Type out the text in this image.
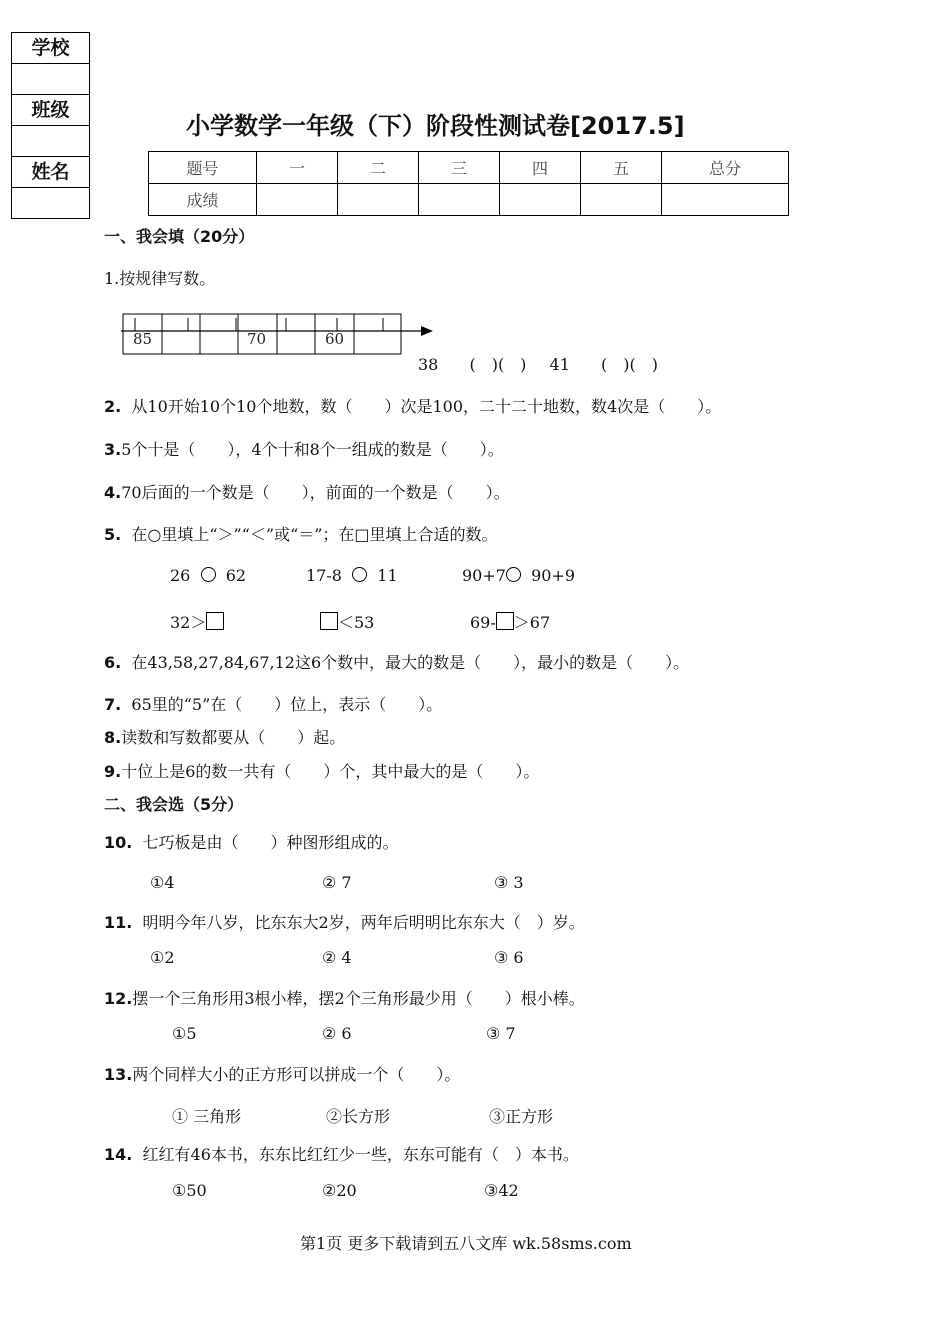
学校
班级
姓名
小学数学一年级（下）阶段性测试卷[2017.5]
题号	一	二	三	四	五	总分
成绩						
一、我会填（20分）
1.按规律写数。
85	70	60
38 (　)(　) 41 (　)(　)
2. 从10开始10个10个地数，数（　　）次是100，二十二十地数，数4次是（　　）。
3.5个十是（　　），4个十和8个一组成的数是（　　）。
4.70后面的一个数是（　　），前面的一个数是（　　）。
5. 在○里填上“＞”“＜”或“＝”；在□里填上合适的数。
26 62	17-8 11	90+7 90+9
32＞	＜53	69- ＞67
6. 在43,58,27,84,67,12这6个数中，最大的数是（　　），最小的数是（　　）。
7. 65里的“5”在（　　）位上，表示（　　）。
8.读数和写数都要从（　　）起。
9.十位上是6的数一共有（　　）个，其中最大的是（　　）。
二、我会选（5分）
10. 七巧板是由（　　）种图形组成的。
①4	② 7	③ 3
11. 明明今年八岁，比东东大2岁，两年后明明比东东大（　）岁。
①2	② 4	③ 6
12.摆一个三角形用3根小棒，摆2个三角形最少用（　　）根小棒。
①5	② 6	③ 7
13.两个同样大小的正方形可以拼成一个（　　）。
① 三角形	②长方形	③正方形
14. 红红有46本书，东东比红红少一些，东东可能有（　）本书。
①50	②20	③42
第1页 更多下载请到五八文库 wk.58sms.com
